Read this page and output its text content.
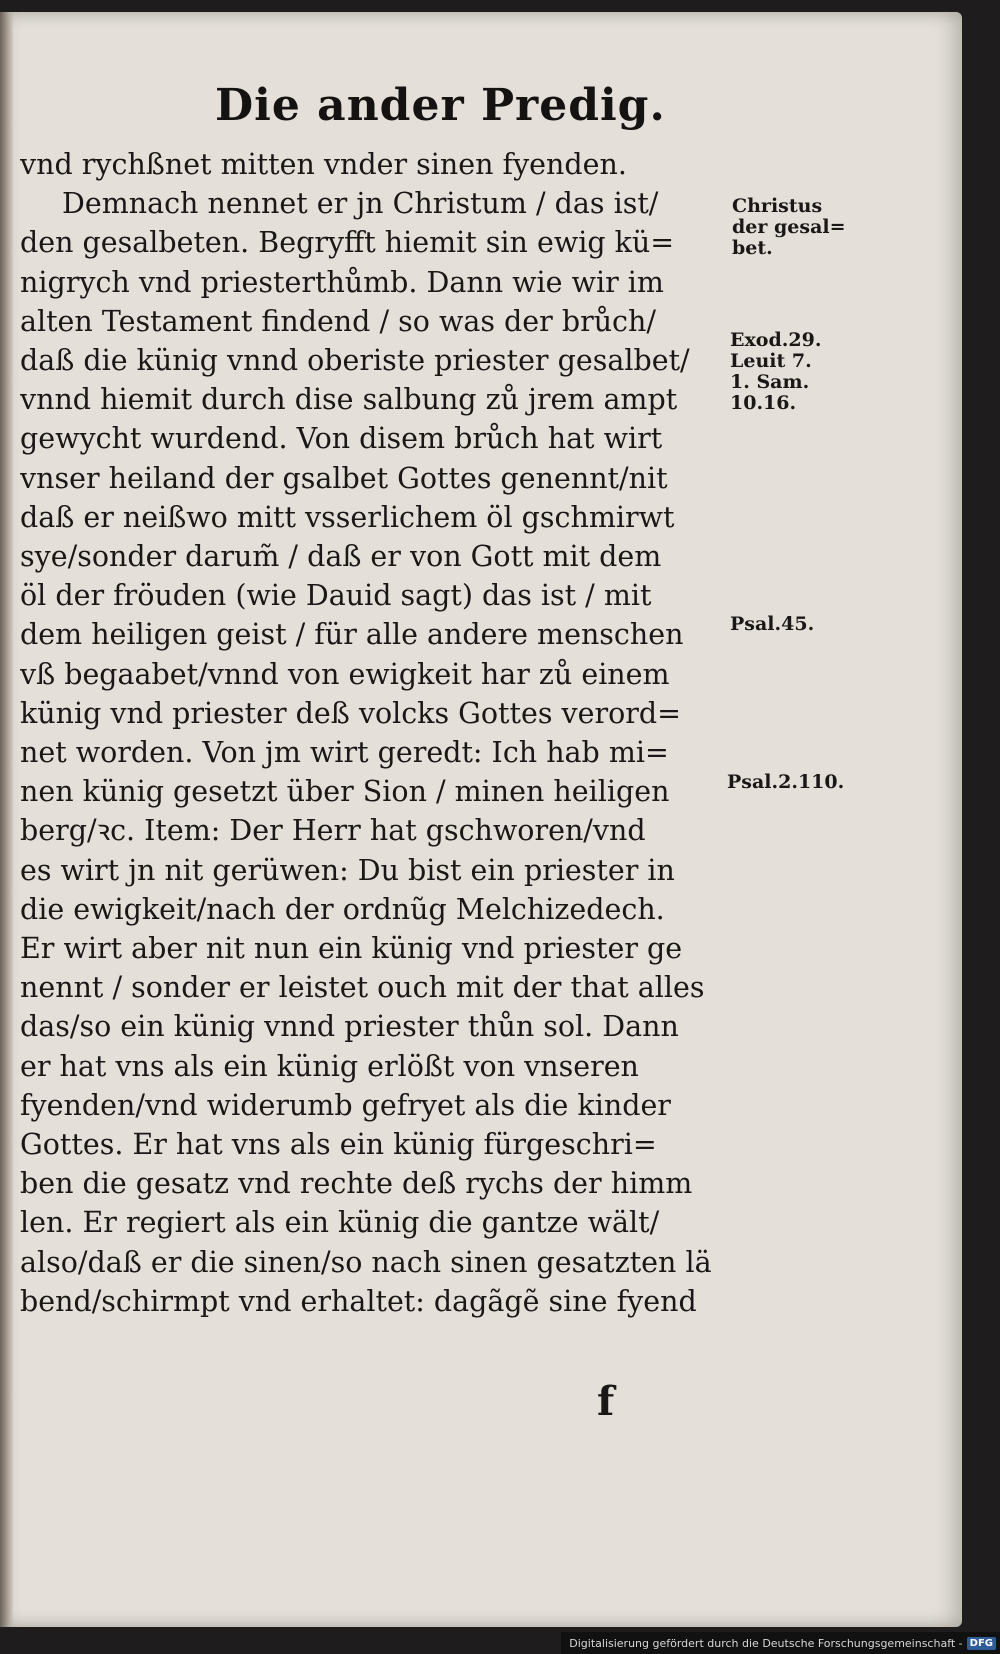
Die ander Predig.
vnd rychßnet mitten vnder sinen fyenden.
Demnach nennet er jn Christum / das ist/
den gesalbeten. Begryfft hiemit sin ewig kü=
nigrych vnd priesterthůmb. Dann wie wir im
alten Testament findend / so was der brůch/
daß die künig vnnd oberiste priester gesalbet/
vnnd hiemit durch dise salbung zů jrem ampt
gewycht wurdend. Von disem brůch hat wirt
vnser heiland der gsalbet Gottes genennt/nit
daß er neißwo mitt vsserlichem öl gschmirwt
sye/sonder darum̃ / daß er von Gott mit dem
öl der fröuden (wie Dauid sagt) das ist / mit
dem heiligen geist / für alle andere menschen
vß begaabet/vnnd von ewigkeit har zů einem
künig vnd priester deß volcks Gottes verord=
net worden. Von jm wirt geredt: Ich hab mi=
nen künig gesetzt über Sion / minen heiligen
berg/ꝛc. Item: Der Herr hat gschworen/vnd
es wirt jn nit gerüwen: Du bist ein priester in
die ewigkeit/nach der ordnũg Melchizedech.
Er wirt aber nit nun ein künig vnd priester ge
nennt / sonder er leistet ouch mit der that alles
das/so ein künig vnnd priester thůn sol. Dann
er hat vns als ein künig erlößt von vnseren
fyenden/vnd widerumb gefryet als die kinder
Gottes. Er hat vns als ein künig fürgeschri=
ben die gesatz vnd rechte deß rychs der himm
len. Er regiert als ein künig die gantze wält/
also/daß er die sinen/so nach sinen gesatzten lä
bend/schirmpt vnd erhaltet: dagãgẽ sine fyend
Christus
der gesal=
bet.
Exod.29.
Leuit 7.
1. Sam.
10.16.
Psal.45.
Psal.2.110.
f
Digitalisierung gefördert durch die Deutsche Forschungsgemeinschaft - DFG
